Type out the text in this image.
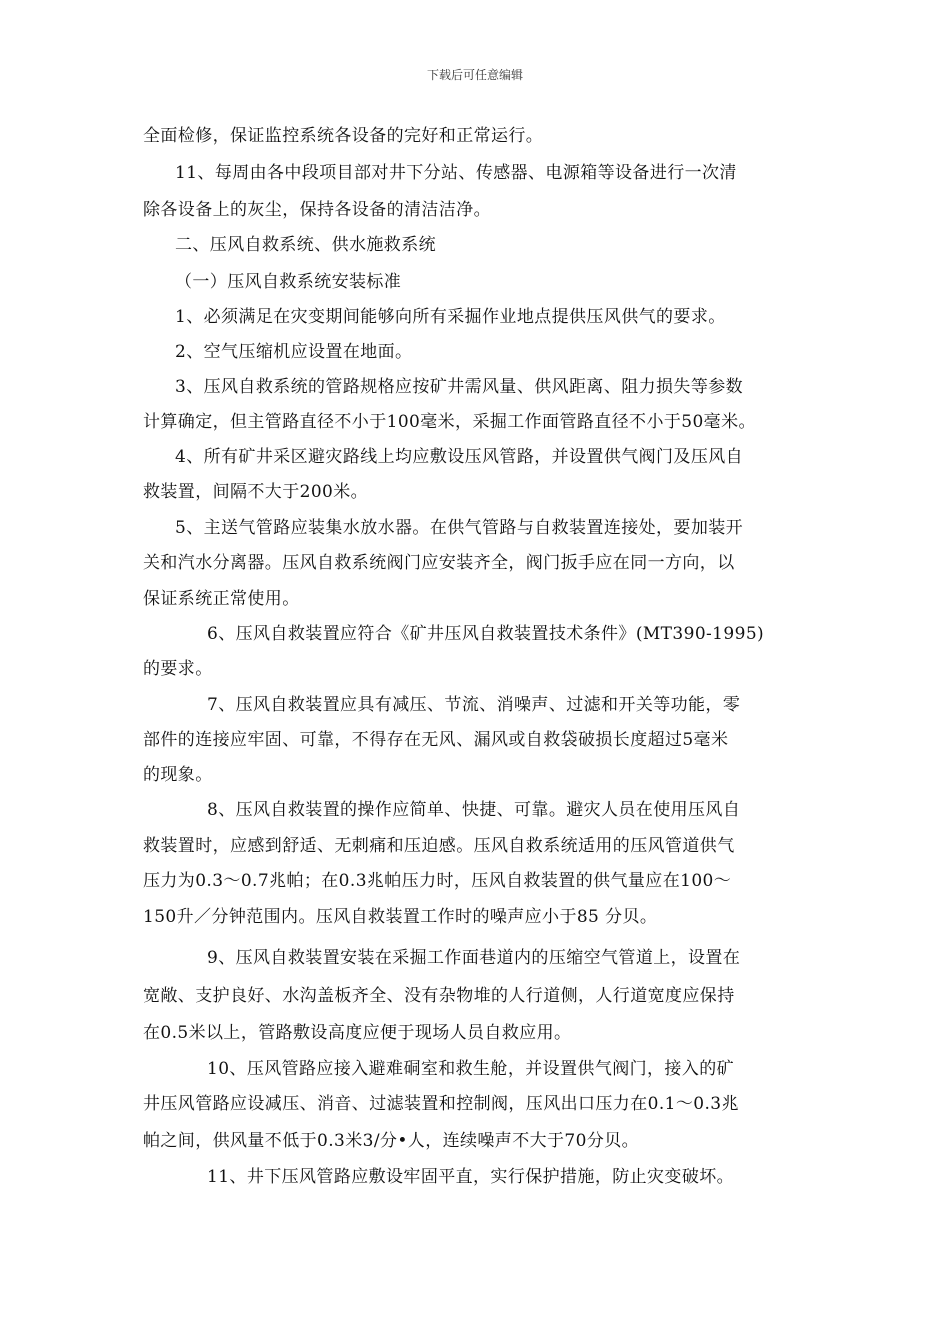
下载后可任意编辑
全面检修，保证监控系统各设备的完好和正常运行。
11、每周由各中段项目部对井下分站、传感器、电源箱等设备进行一次清
除各设备上的灰尘，保持各设备的清洁洁净。
二、压风自救系统、供水施救系统
（一）压风自救系统安装标准
1、必须满足在灾变期间能够向所有采掘作业地点提供压风供气的要求。
2、空气压缩机应设置在地面。
3、压风自救系统的管路规格应按矿井需风量、供风距离、阻力损失等参数
计算确定，但主管路直径不小于100毫米，采掘工作面管路直径不小于50毫米。
4、所有矿井采区避灾路线上均应敷设压风管路，并设置供气阀门及压风自
救装置，间隔不大于200米。
5、主送气管路应装集水放水器。在供气管路与自救装置连接处，要加装开
关和汽水分离器。压风自救系统阀门应安装齐全，阀门扳手应在同一方向，以
保证系统正常使用。
6、压风自救装置应符合《矿井压风自救装置技术条件》(MT390-1995)
的要求。
7、压风自救装置应具有减压、节流、消噪声、过滤和开关等功能，零
部件的连接应牢固、可靠，不得存在无风、漏风或自救袋破损长度超过5毫米
的现象。
8、压风自救装置的操作应简单、快捷、可靠。避灾人员在使用压风自
救装置时，应感到舒适、无刺痛和压迫感。压风自救系统适用的压风管道供气
压力为0.3～0.7兆帕；在0.3兆帕压力时，压风自救装置的供气量应在100～
150升／分钟范围内。压风自救装置工作时的噪声应小于85 分贝。
9、压风自救装置安装在采掘工作面巷道内的压缩空气管道上，设置在
宽敞、支护良好、水沟盖板齐全、没有杂物堆的人行道侧，人行道宽度应保持
在0.5米以上，管路敷设高度应便于现场人员自救应用。
10、压风管路应接入避难硐室和救生舱，并设置供气阀门，接入的矿
井压风管路应设减压、消音、过滤装置和控制阀，压风出口压力在0.1～0.3兆
帕之间，供风量不低于0.3米3/分•人，连续噪声不大于70分贝。
11、井下压风管路应敷设牢固平直，实行保护措施，防止灾变破坏。
